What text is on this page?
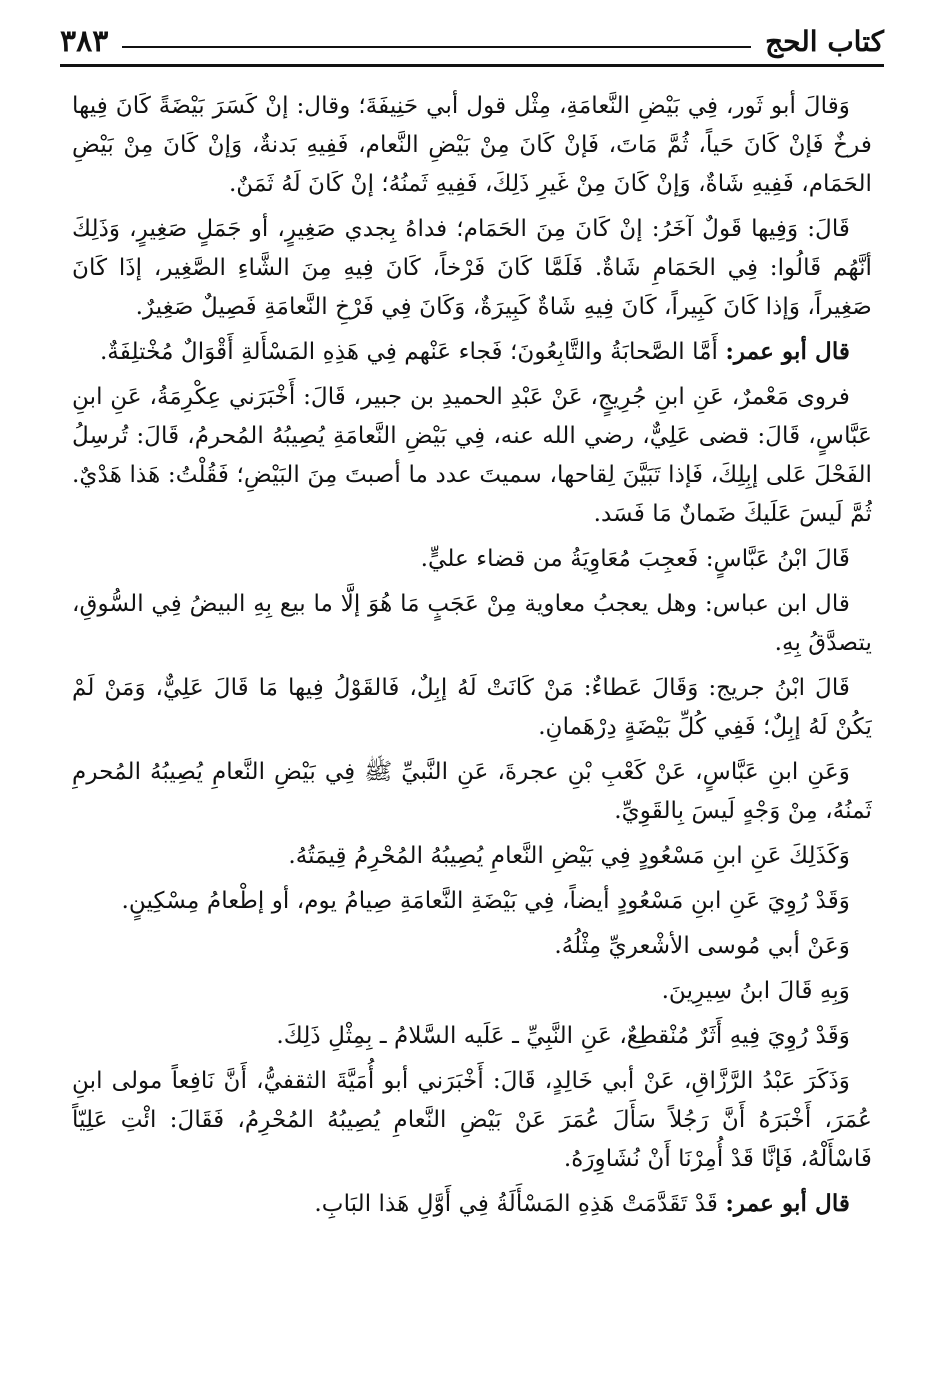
كتاب الحج
٣٨٣

وَقالَ أبو ثَور، فِي بَيْضِ النَّعامَةِ، مِثْل قول أبي حَنِيفَةَ؛ وقال: إنْ كَسَرَ بَيْضَةً كَانَ فِيها فرخٌ فَإنْ كَانَ حَياً، ثُمَّ مَاتَ، فَإنْ كَانَ مِنْ بَيْضِ النَّعام، فَفِيهِ بَدنةٌ، وَإنْ كَانَ مِنْ بَيْضِ الحَمَام، فَفِيهِ شَاةٌ، وَإنْ كَانَ مِنْ غَيرِ ذَلِكَ، فَفِيهِ ثَمنُهُ؛ إنْ كَانَ لَهُ ثَمَنٌ.

قَالَ: وَفِيها قَولٌ آخَرُ: إنْ كَانَ مِنَ الحَمَام؛ فداهُ بِجدي صَغِيرٍ، أو جَمَلٍ صَغِيرٍ، وَذَلِكَ أنَّهُم قَالُوا: فِي الحَمَامِ شَاةٌ. فَلَمَّا كَانَ فَرْخاً، كَانَ فِيهِ مِنَ الشَّاءِ الصَّغِير، إذَا كَانَ صَغِيراً، وَإذا كَانَ كَبِيراً، كَانَ فِيهِ شَاةٌ كَبِيرَةٌ، وَكَانَ فِي فَرْخِ النَّعامَةِ فَصِيلٌ صَغِيرٌ.

قال أبو عمر: أَمَّا الصَّحابَةُ والتَّابِعُونَ؛ فَجاء عَنْهم فِي هَذِهِ المَسْأَلةِ أَقْوَالٌ مُخْتلِفَةٌ.

فروى مَعْمرٌ، عَنِ ابنِ جُرِيجٍ، عَنْ عَبْدِ الحميدِ بن جبير، قَالَ: أَخْبَرَني عِكْرِمَةُ، عَنِ ابنِ عَبَّاسٍ، قَالَ: قضى عَلِيٌّ، رضي الله عنه، فِي بَيْضِ النَّعامَةِ يُصِيبُهُ المُحرمُ، قَالَ: تُرسِلُ الفَحْلَ عَلى إبِلِكَ، فَإذا تَبَيَّنَ لِقاحها، سميتَ عدد ما أصبتَ مِنَ البَيْضِ؛ فَقُلْتُ: هَذا هَدْيٌ. ثُمَّ لَيسَ عَلَيكَ ضَمانٌ مَا فَسَد.

قَالَ ابْنُ عَبَّاسٍ: فَعجِبَ مُعَاوِيَةُ من قضاء عليٍّ.

قال ابن عباس: وهل يعجبُ معاوية مِنْ عَجَبٍ مَا هُوَ إلَّا ما بيع بِهِ البيضُ فِي السُّوقِ، يتصدَّقُ بِهِ.

قَالَ ابْنُ جريج: وَقَالَ عَطاءٌ: مَنْ كَانَتْ لَهُ إبِلٌ، فَالقَوْلُ فِيها مَا قَالَ عَلِيٌّ، وَمَنْ لَمْ يَكُنْ لَهُ إبِلٌ؛ فَفِي كُلِّ بَيْضَةٍ دِرْهَمانِ.

وَعَنِ ابنِ عَبَّاسٍ، عَنْ كَعْبِ بْنِ عجرةَ، عَنِ النَّبيِّ ﷺ فِي بَيْضِ النَّعامِ يُصِيبُهُ المُحرمِ ثَمنُهُ، مِنْ وَجْهٍ لَيسَ بِالقَوِيِّ.

وَكَذَلِكَ عَنِ ابنِ مَسْعُودٍ فِي بَيْضِ النَّعامِ يُصِيبُهُ المُحْرِمُ قِيمَتُهُ.

وَقَدْ رُوِيَ عَنِ ابنِ مَسْعُودٍ أيضاً، فِي بَيْضَةِ النَّعامَةِ صِيامُ يوم، أو إطْعامُ مِسْكِينٍ.

وَعَنْ أبي مُوسى الأشْعريِّ مِثْلُهُ.

وَبِهِ قَالَ ابنُ سِيرِينَ.

وَقَدْ رُوِيَ فِيهِ أَثَرٌ مُنْقطِعٌ، عَنِ النَّبِيِّ ـ عَلَيه السَّلامُ ـ بِمِثْلِ ذَلِكَ.

وَذَكَرَ عَبْدُ الرَّزَّاقِ، عَنْ أبي خَالِدٍ، قَالَ: أَخْبَرَني أبو أُمَيَّةَ الثقفيُّ، أَنَّ نَافِعاً مولى ابنِ عُمَرَ، أَخْبَرَهُ أَنَّ رَجُلاً سَأَلَ عُمَرَ عَنْ بَيْضِ النَّعامِ يُصِيبُهُ المُحْرِمُ، فَقَالَ: ائْتِ عَلِيّاً فَاسْأَلْهُ، فَإنَّا قَدْ أُمِرْنَا أَنْ نُشَاوِرَهُ.

قال أبو عمر: قَدْ تَقَدَّمَتْ هَذِهِ المَسْأَلَةُ فِي أَوَّلِ هَذا البَابِ.
